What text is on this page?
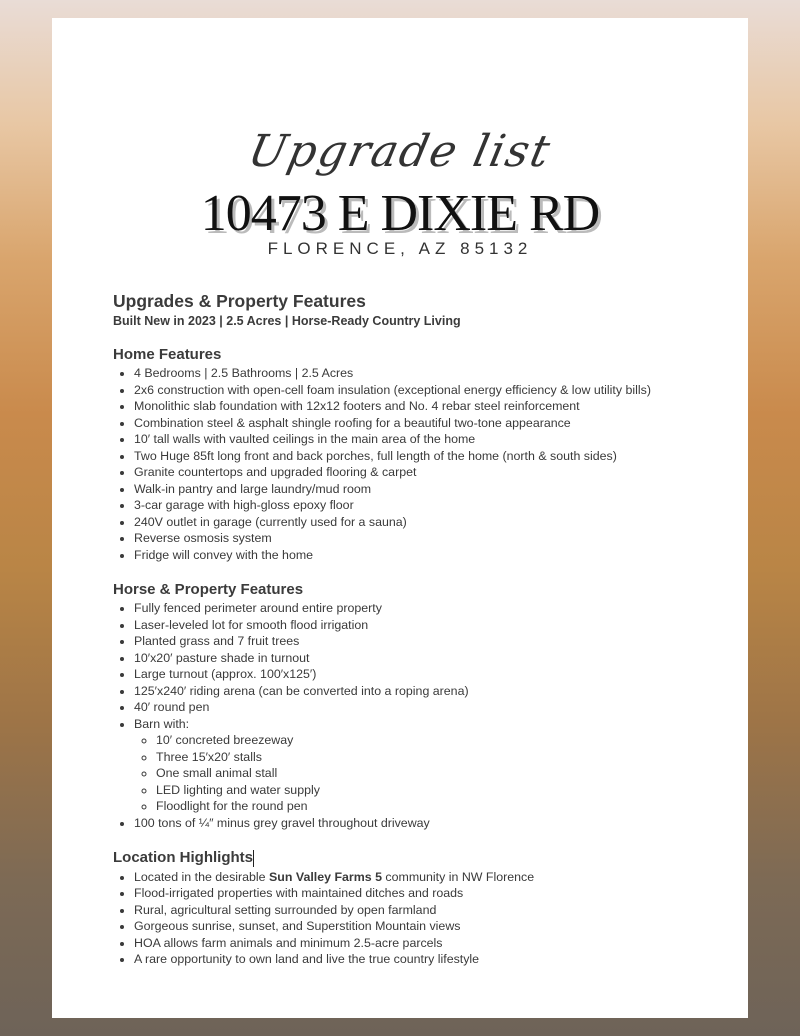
Upgrade list
10473 E DIXIE RD
FLORENCE, AZ 85132
Upgrades & Property Features
Built New in 2023 | 2.5 Acres | Horse-Ready Country Living
Home Features
• 4 Bedrooms | 2.5 Bathrooms | 2.5 Acres
• 2x6 construction with open-cell foam insulation (exceptional energy efficiency & low utility bills)
• Monolithic slab foundation with 12x12 footers and No. 4 rebar steel reinforcement
• Combination steel & asphalt shingle roofing for a beautiful two-tone appearance
• 10′ tall walls with vaulted ceilings in the main area of the home
• Two Huge 85ft long front and back porches, full length of the home (north & south sides)
• Granite countertops and upgraded flooring & carpet
• Walk-in pantry and large laundry/mud room
• 3-car garage with high-gloss epoxy floor
• 240V outlet in garage (currently used for a sauna)
• Reverse osmosis system
• Fridge will convey with the home
Horse & Property Features
• Fully fenced perimeter around entire property
• Laser-leveled lot for smooth flood irrigation
• Planted grass and 7 fruit trees
• 10′x20′ pasture shade in turnout
• Large turnout (approx. 100′x125′)
• 125′x240′ riding arena (can be converted into a roping arena)
• 40′ round pen
• Barn with:
◦ 10′ concreted breezeway
◦ Three 15′x20′ stalls
◦ One small animal stall
◦ LED lighting and water supply
◦ Floodlight for the round pen
• 100 tons of ¼″ minus grey gravel throughout driveway
Location Highlights
• Located in the desirable Sun Valley Farms 5 community in NW Florence
• Flood-irrigated properties with maintained ditches and roads
• Rural, agricultural setting surrounded by open farmland
• Gorgeous sunrise, sunset, and Superstition Mountain views
• HOA allows farm animals and minimum 2.5-acre parcels
• A rare opportunity to own land and live the true country lifestyle
